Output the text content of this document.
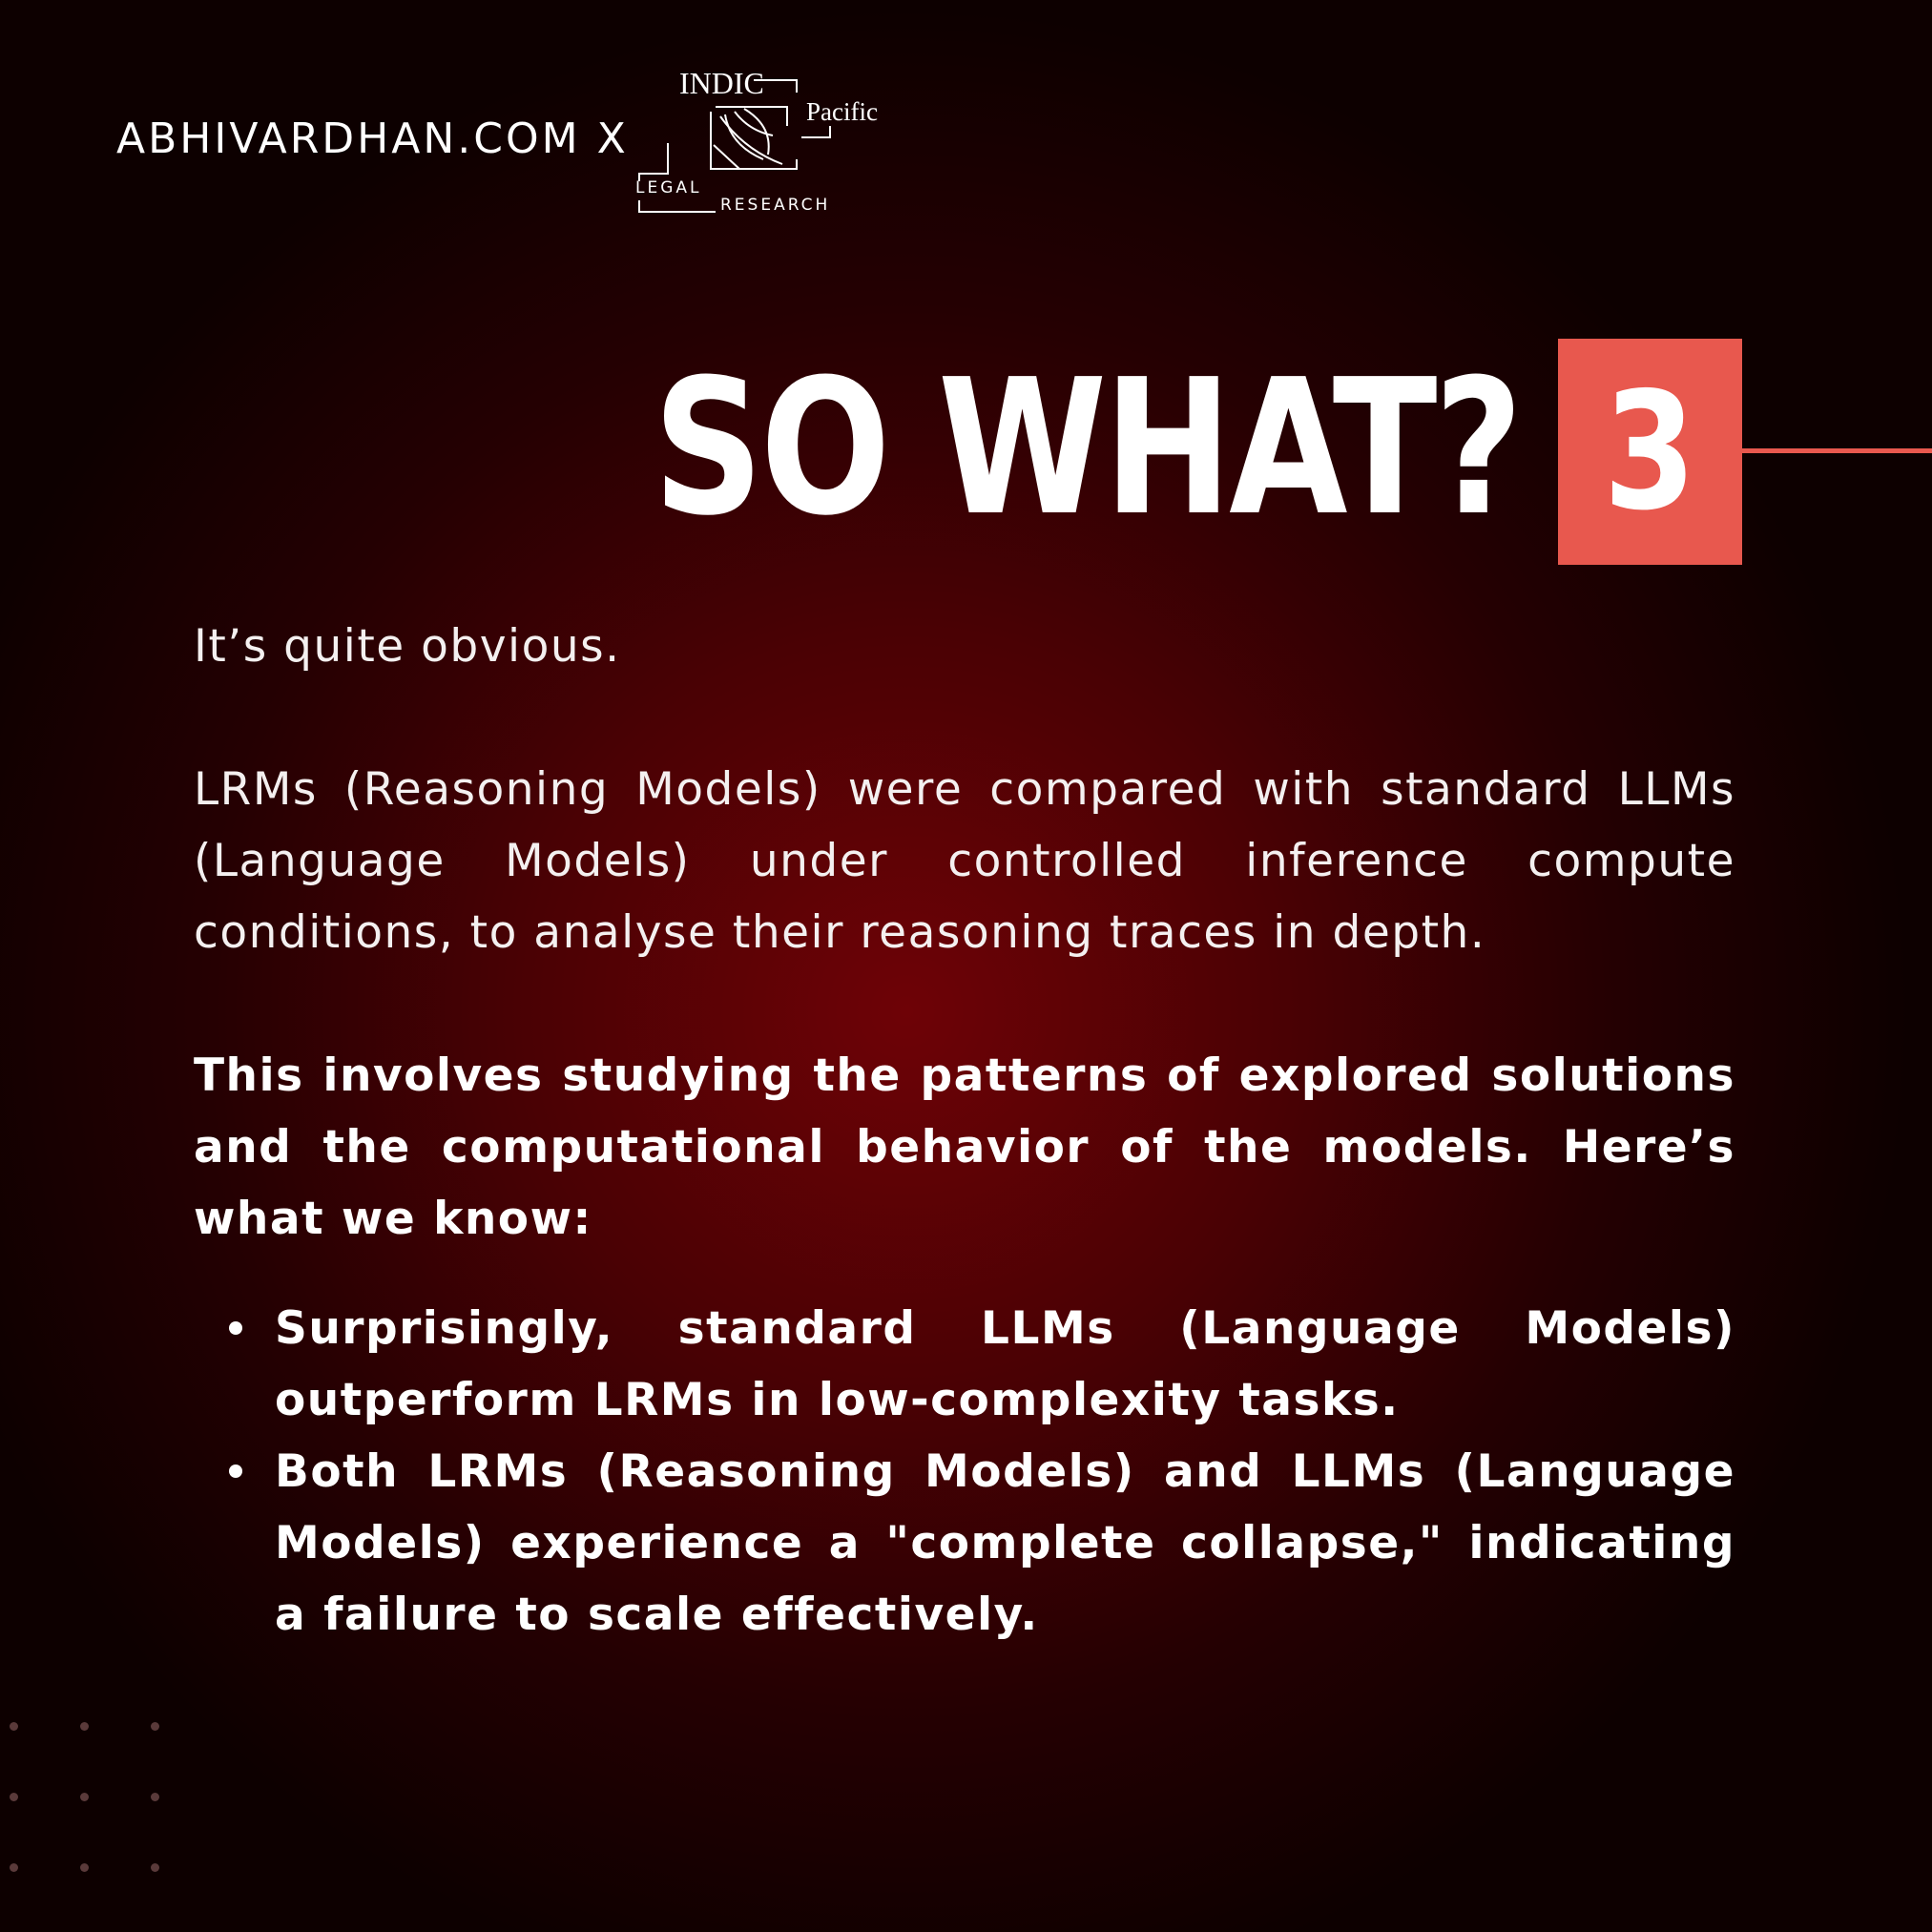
ABHIVARDHAN.COM X
INDIC
Pacific
LEGAL
RESEARCH
SO WHAT? 3

It’s quite obvious.

LRMs (Reasoning Models) were compared with standard LLMs (Language Models) under controlled inference compute conditions, to analyse their reasoning traces in depth.

This involves studying the patterns of explored solutions and the computational behavior of the models. Here’s what we know:

Surprisingly, standard LLMs (Language Models) outperform LRMs in low-complexity tasks.
Both LRMs (Reasoning Models) and LLMs (Language Models) experience a "complete collapse," indicating a failure to scale effectively.
